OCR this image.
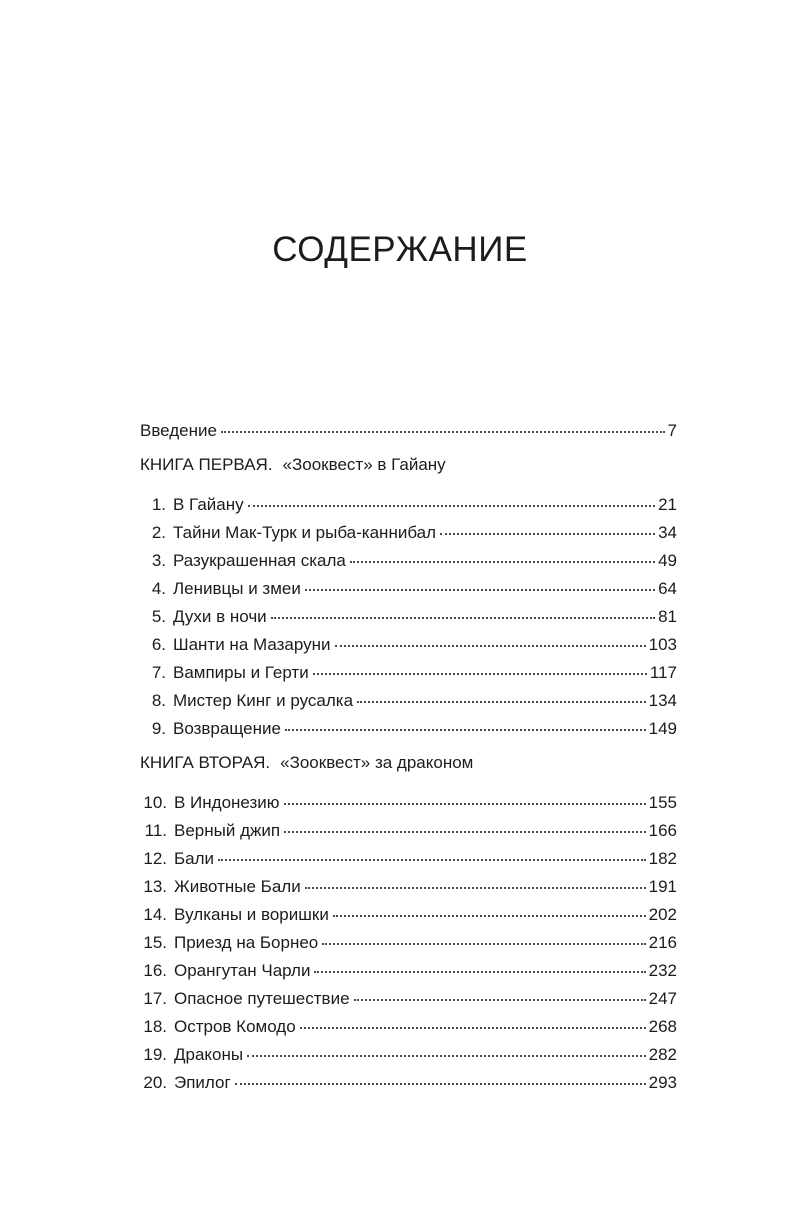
СОДЕРЖАНИЕ
Введение	7
КНИГА ПЕРВАЯ. «Зооквест» в Гайану
1. В Гайану	21
2. Тайни Мак-Турк и рыба-каннибал	34
3. Разукрашенная скала	49
4. Ленивцы и змеи	64
5. Духи в ночи	81
6. Шанти на Мазаруни	103
7. Вампиры и Герти	117
8. Мистер Кинг и русалка	134
9. Возвращение	149
КНИГА ВТОРАЯ. «Зооквест» за драконом
10. В Индонезию	155
11. Верный джип	166
12. Бали	182
13. Животные Бали	191
14. Вулканы и воришки	202
15. Приезд на Борнео	216
16. Орангутан Чарли	232
17. Опасное путешествие	247
18. Остров Комодо	268
19. Драконы	282
20. Эпилог	293
